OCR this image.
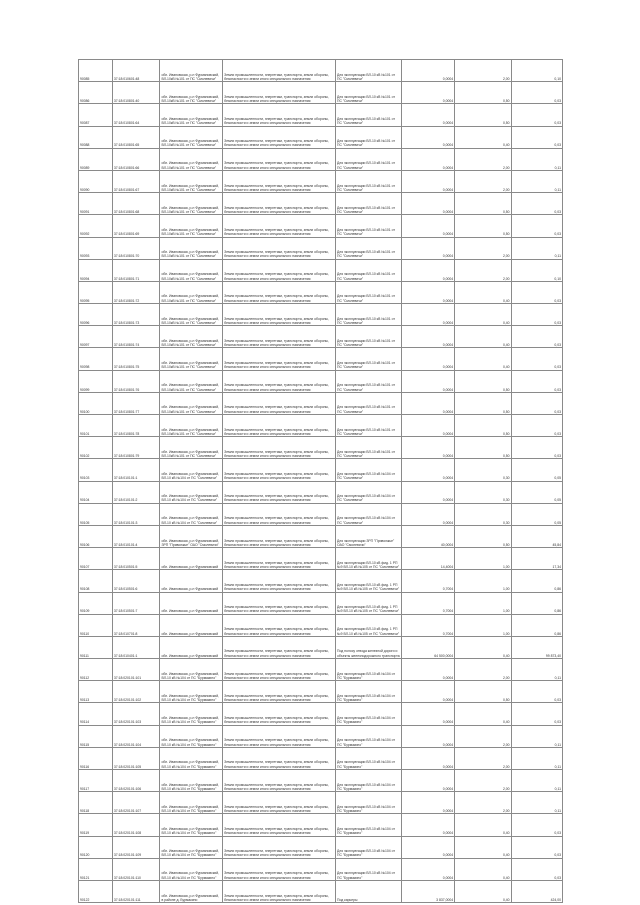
90085	37:18:010601:48	обл. Ивановская, р-н Фурмановский, ВЛ-10кВ №101 от ПС "Смолевичи"	Земли промышленности, энергетики, транспорта, земли обороны, безопасности и земли иного специального назначения	Для эксплуатации ВЛ-10 кВ №101 от ПС "Смолевичи"	0,0004	2,00	0,10
90086	37:18:010801:40	обл. Ивановская, р-н Фурмановский, ВЛ-10кВ №101 от ПС "Смолевичи"	Земли промышленности, энергетики, транспорта, земли обороны, безопасности и земли иного специального назначения	Для эксплуатации ВЛ-10 кВ №101 от ПС "Смолевичи"	0,0004	0,50	0,03
90087	37:18:010801:64	обл. Ивановская, р-н Фурмановский, ВЛ-10кВ №101 от ПС "Смолевичи"	Земли промышленности, энергетики, транспорта, земли обороны, безопасности и земли иного специального назначения	Для эксплуатации ВЛ-10 кВ №101 от ПС "Смолевичи"	0,0004	0,50	0,03
90088	37:18:010801:65	обл. Ивановская, р-н Фурмановский, ВЛ-10кВ №101 от ПС "Смолевичи"	Земли промышленности, энергетики, транспорта, земли обороны, безопасности и земли иного специального назначения	Для эксплуатации ВЛ-10 кВ №101 от ПС "Смолевичи"	0,0004	0,40	0,03
90089	37:18:010801:66	обл. Ивановская, р-н Фурмановский, ВЛ-10кВ №101 от ПС "Смолевичи"	Земли промышленности, энергетики, транспорта, земли обороны, безопасности и земли иного специального назначения	Для эксплуатации ВЛ-10 кВ №101 от ПС "Смолевичи"	0,0004	2,00	0,11
90090	37:18:010801:67	обл. Ивановская, р-н Фурмановский, ВЛ-10кВ №101 от ПС "Смолевичи"	Земли промышленности, энергетики, транспорта, земли обороны, безопасности и земли иного специального назначения	Для эксплуатации ВЛ-10 кВ №101 от ПС "Смолевичи"	0,0004	2,00	0,11
90091	37:18:010801:68	обл. Ивановская, р-н Фурмановский, ВЛ-10кВ №101 от ПС "Смолевичи"	Земли промышленности, энергетики, транспорта, земли обороны, безопасности и земли иного специального назначения	Для эксплуатации ВЛ-10 кВ №101 от ПС "Смолевичи"	0,0004	0,50	0,03
90092	37:18:010801:69	обл. Ивановская, р-н Фурмановский, ВЛ-10кВ №101 от ПС "Смолевичи"	Земли промышленности, энергетики, транспорта, земли обороны, безопасности и земли иного специального назначения	Для эксплуатации ВЛ-10 кВ №101 от ПС "Смолевичи"	0,0004	0,50	0,03
90093	37:18:010801:70	обл. Ивановская, р-н Фурмановский, ВЛ-10кВ №101 от ПС "Смолевичи"	Земли промышленности, энергетики, транспорта, земли обороны, безопасности и земли иного специального назначения	Для эксплуатации ВЛ-10 кВ №101 от ПС "Смолевичи"	0,0004	2,00	0,11
90094	37:18:010801:71	обл. Ивановская, р-н Фурмановский, ВЛ-10кВ №101 от ПС "Смолевичи"	Земли промышленности, энергетики, транспорта, земли обороны, безопасности и земли иного специального назначения	Для эксплуатации ВЛ-10 кВ №101 от ПС "Смолевичи"	0,0004	2,00	0,10
90095	37:18:010801:72	обл. Ивановская, р-н Фурмановский, ВЛ-10кВ №101 от ПС "Смолевичи"	Земли промышленности, энергетики, транспорта, земли обороны, безопасности и земли иного специального назначения	Для эксплуатации ВЛ-10 кВ №101 от ПС "Смолевичи"	0,0004	0,40	0,03
90096	37:18:010801:73	обл. Ивановская, р-н Фурмановский, ВЛ-10кВ №101 от ПС "Смолевичи"	Земли промышленности, энергетики, транспорта, земли обороны, безопасности и земли иного специального назначения	Для эксплуатации ВЛ-10 кВ №101 от ПС "Смолевичи"	0,0004	0,40	0,03
90097	37:18:010801:74	обл. Ивановская, р-н Фурмановский, ВЛ-10кВ №101 от ПС "Смолевичи"	Земли промышленности, энергетики, транспорта, земли обороны, безопасности и земли иного специального назначения	Для эксплуатации ВЛ-10 кВ №101 от ПС "Смолевичи"	0,0004	0,40	0,03
90098	37:18:010801:75	обл. Ивановская, р-н Фурмановский, ВЛ-10кВ №101 от ПС "Смолевичи"	Земли промышленности, энергетики, транспорта, земли обороны, безопасности и земли иного специального назначения	Для эксплуатации ВЛ-10 кВ №101 от ПС "Смолевичи"	0,0004	0,40	0,03
90099	37:18:010801:76	обл. Ивановская, р-н Фурмановский, ВЛ-10кВ №101 от ПС "Смолевичи"	Земли промышленности, энергетики, транспорта, земли обороны, безопасности и земли иного специального назначения	Для эксплуатации ВЛ-10 кВ №101 от ПС "Смолевичи"	0,0004	0,50	0,03
90100	37:18:010801:77	обл. Ивановская, р-н Фурмановский, ВЛ-10кВ №101 от ПС "Смолевичи"	Земли промышленности, энергетики, транспорта, земли обороны, безопасности и земли иного специального назначения	Для эксплуатации ВЛ-10 кВ №101 от ПС "Смолевичи"	0,0004	0,50	0,03
90101	37:18:010801:78	обл. Ивановская, р-н Фурмановский, ВЛ-10кВ №101 от ПС "Смолевичи"	Земли промышленности, энергетики, транспорта, земли обороны, безопасности и земли иного специального назначения	Для эксплуатации ВЛ-10 кВ №101 от ПС "Смолевичи"	0,0004	0,50	0,03
90102	37:18:010801:79	обл. Ивановская, р-н Фурмановский, ВЛ-10кВ №101 от ПС "Смолевичи"	Земли промышленности, энергетики, транспорта, земли обороны, безопасности и земли иного специального назначения	Для эксплуатации ВЛ-10 кВ №101 от ПС "Смолевичи"	0,0004	0,50	0,03
90103	37:18:010101:1	обл. Ивановская, р-н Фурмановский, ВЛ-10 кВ №104 от ПС "Смолевичи"	Земли промышленности, энергетики, транспорта, земли обороны, безопасности и земли иного специального назначения	Для эксплуатации ВЛ-10 кВ №104 от ПС "Смолевичи"	0,0004	0,30	0,05
90104	37:18:010101:2	обл. Ивановская, р-н Фурмановский, ВЛ-10 кВ №104 от ПС "Смолевичи"	Земли промышленности, энергетики, транспорта, земли обороны, безопасности и земли иного специального назначения	Для эксплуатации ВЛ-10 кВ №104 от ПС "Смолевичи"	0,0004	0,30	0,05
90105	37:18:010101:3	обл. Ивановская, р-н Фурмановский, ВЛ-10 кВ №104 от ПС "Смолевичи"	Земли промышленности, энергетики, транспорта, земли обороны, безопасности и земли иного специального назначения	Для эксплуатации ВЛ-10 кВ №104 от ПС "Смолевичи"	0,0004	0,30	0,05
90106	37:18:010101:4	обл. Ивановская, р-н Фурмановский, ЗРП "Приволжье" ОАО "Смолевичи"	Земли промышленности, энергетики, транспорта, земли обороны, безопасности и земли иного специального назначения	Для эксплуатации ЗРП "Приволжье" ОАО "Смолевичи"	40,0004	0,50	45,84
90107	37:18:010501:5	обл. Ивановская, р-н Фурмановский	Земли промышленности, энергетики, транспорта, земли обороны, безопасности и земли иного специального назначения	Для эксплуатации ВЛ-10 кВ фид. 1 РП №9 ВЛ-10 кВ №105 от ПС "Смолевичи"	14,4004	1,00	17,34
90108	37:18:010501:6	обл. Ивановская, р-н Фурмановский	Земли промышленности, энергетики, транспорта, земли обороны, безопасности и земли иного специального назначения	Для эксплуатации ВЛ-10 кВ фид. 1 РП №9 ВЛ-10 кВ №105 от ПС "Смолевичи"	0,7004	1,00	0,86
90109	37:18:010501:7	обл. Ивановская, р-н Фурмановский	Земли промышленности, энергетики, транспорта, земли обороны, безопасности и земли иного специального назначения	Для эксплуатации ВЛ-10 кВ фид. 1 РП №9 ВЛ-10 кВ №105 от ПС "Смолевичи"	0,7004	1,00	0,86
90110	37:18:010701:8	обл. Ивановская, р-н Фурмановский	Земли промышленности, энергетики, транспорта, земли обороны, безопасности и земли иного специального назначения	Для эксплуатации ВЛ-10 кВ фид. 1 РП №9 ВЛ-10 кВ №105 от ПС "Смолевичи"	0,7004	1,00	0,86
90111	37:18:010401:1	обл. Ивановская, р-н Фурмановский	Земли промышленности, энергетики, транспорта, земли обороны, безопасности и земли иного специального назначения	Под полосу отвода железной дороги и объекты железнодорожного транспорта	64 500,0004	0,40	99 873,40
90112	37:18:020101:101	обл. Ивановская, р-н Фурмановский, ВЛ-10 кВ №104 от ПС "Бурмакино"	Земли промышленности, энергетики, транспорта, земли обороны, безопасности и земли иного специального назначения	Для эксплуатации ВЛ-10 кВ №104 от ПС "Бурмакино"	0,0004	2,00	0,11
90113	37:18:020101:102	обл. Ивановская, р-н Фурмановский, ВЛ-10 кВ №104 от ПС "Бурмакино"	Земли промышленности, энергетики, транспорта, земли обороны, безопасности и земли иного специального назначения	Для эксплуатации ВЛ-10 кВ №104 от ПС "Бурмакино"	0,0004	0,50	0,03
90114	37:18:020101:103	обл. Ивановская, р-н Фурмановский, ВЛ-10 кВ №104 от ПС "Бурмакино"	Земли промышленности, энергетики, транспорта, земли обороны, безопасности и земли иного специального назначения	Для эксплуатации ВЛ-10 кВ №104 от ПС "Бурмакино"	0,0004	0,40	0,03
90115	37:18:020101:104	обл. Ивановская, р-н Фурмановский, ВЛ-10 кВ №104 от ПС "Бурмакино"	Земли промышленности, энергетики, транспорта, земли обороны, безопасности и земли иного специального назначения	Для эксплуатации ВЛ-10 кВ №104 от ПС "Бурмакино"	0,0004	2,00	0,11
90116	37:18:020101:105	обл. Ивановская, р-н Фурмановский, ВЛ-10 кВ №104 от ПС "Бурмакино"	Земли промышленности, энергетики, транспорта, земли обороны, безопасности и земли иного специального назначения	Для эксплуатации ВЛ-10 кВ №104 от ПС "Бурмакино"	0,0004	2,00	0,11
90117	37:18:020101:106	обл. Ивановская, р-н Фурмановский, ВЛ-10 кВ №104 от ПС "Бурмакино"	Земли промышленности, энергетики, транспорта, земли обороны, безопасности и земли иного специального назначения	Для эксплуатации ВЛ-10 кВ №104 от ПС "Бурмакино"	0,0004	2,00	0,11
90118	37:18:020101:107	обл. Ивановская, р-н Фурмановский, ВЛ-10 кВ №104 от ПС "Бурмакино"	Земли промышленности, энергетики, транспорта, земли обороны, безопасности и земли иного специального назначения	Для эксплуатации ВЛ-10 кВ №104 от ПС "Бурмакино"	0,0004	2,00	0,11
90119	37:18:020101:108	обл. Ивановская, р-н Фурмановский, ВЛ-10 кВ №104 от ПС "Бурмакино"	Земли промышленности, энергетики, транспорта, земли обороны, безопасности и земли иного специального назначения	Для эксплуатации ВЛ-10 кВ №104 от ПС "Бурмакино"	0,0004	0,40	0,03
90120	37:18:020101:109	обл. Ивановская, р-н Фурмановский, ВЛ-10 кВ №104 от ПС "Бурмакино"	Земли промышленности, энергетики, транспорта, земли обороны, безопасности и земли иного специального назначения	Для эксплуатации ВЛ-10 кВ №104 от ПС "Бурмакино"	0,0004	0,40	0,03
90121	37:18:020101:110	обл. Ивановская, р-н Фурмановский, ВЛ-10 кВ №104 от ПС "Бурмакино"	Земли промышленности, энергетики, транспорта, земли обороны, безопасности и земли иного специального назначения	Для эксплуатации ВЛ-10 кВ №104 от ПС "Бурмакино"	0,0004	0,40	0,03
90122	37:18:020101:111	обл. Ивановская, р-н Фурмановский, в районе д. Бурмакино	Земли промышленности, энергетики, транспорта, земли обороны, безопасности и земли иного специального назначения	Под карьеры	3 837,0004	0,40	424,00
